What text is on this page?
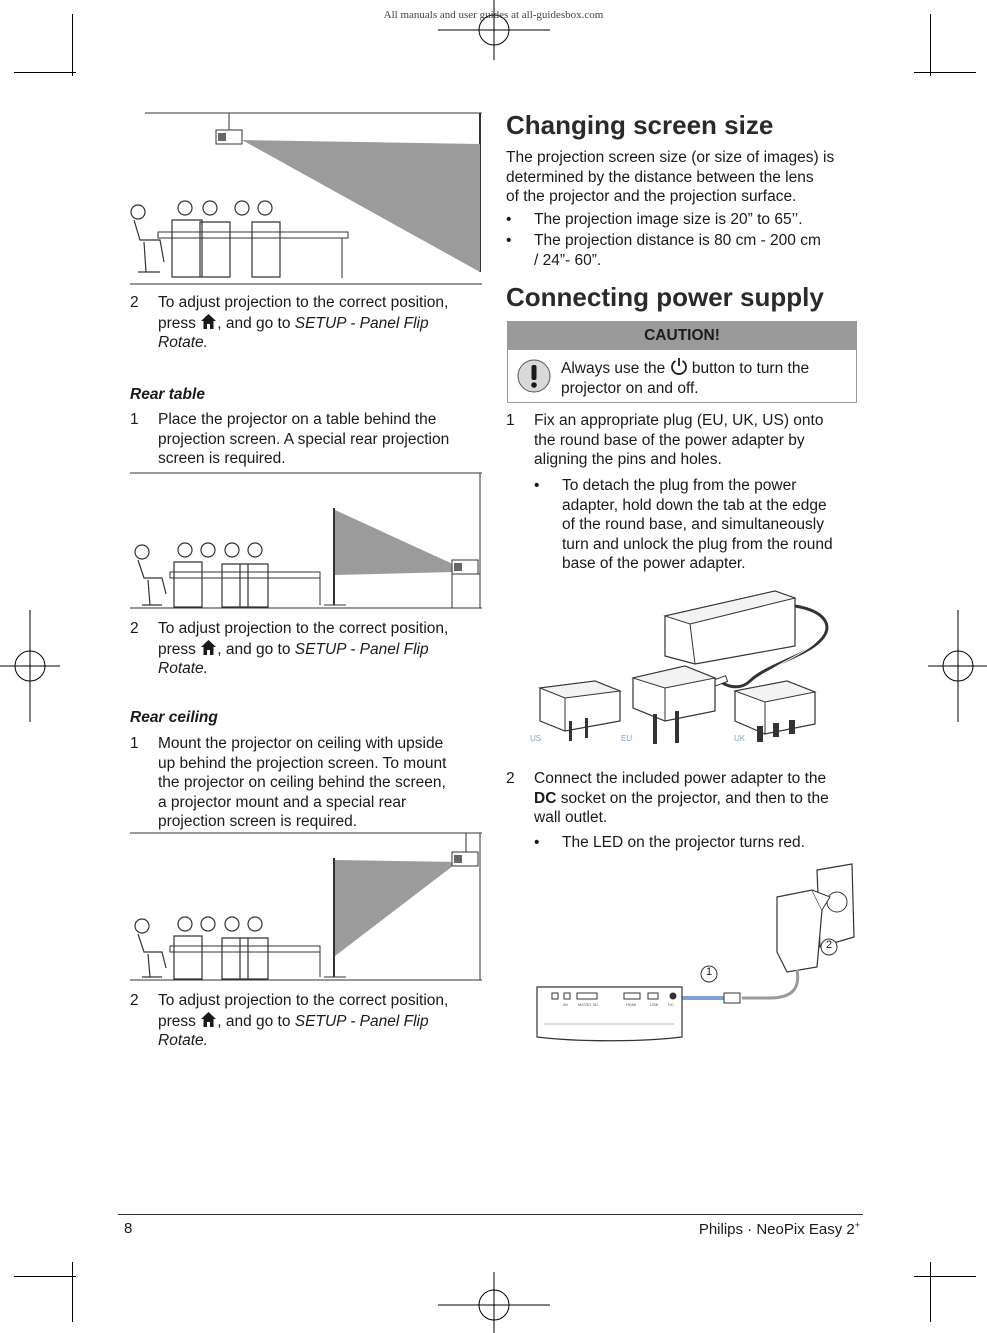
All manuals and user guides at all-guidesbox.com
2 To adjust projection to the correct position,
press , and go to SETUP - Panel Flip
Rotate.
Rear table
1 Place the projector on a table behind the
projection screen. A special rear projection
screen is required.
2 To adjust projection to the correct position,
press , and go to SETUP - Panel Flip
Rotate.
Rear ceiling
1 Mount the projector on ceiling with upside
up behind the projection screen. To mount
the projector on ceiling behind the screen,
a projector mount and a special rear
projection screen is required.
2 To adjust projection to the correct position,
press , and go to SETUP - Panel Flip
Rotate.
Changing screen size
The projection screen size (or size of images) is
determined by the distance between the lens
of the projector and the projection surface.
• The projection image size is 20” to 65’’.
• The projection distance is 80 cm - 200 cm
/ 24”- 60”.
Connecting power supply
CAUTION!
Always use the button to turn the
projector on and off.
1 Fix an appropriate plug (EU, UK, US) onto
the round base of the power adapter by
aligning the pins and holes.
• To detach the plug from the power
adapter, hold down the tab at the edge
of the round base, and simultaneously
turn and unlock the plug from the round
base of the power adapter.
US	EU	UK
2 Connect the included power adapter to the
DC socket on the projector, and then to the
wall outlet.
• The LED on the projector turns red.
1
2
AV MICRO SD	HDMI	USB DC
8	Philips · NeoPix Easy 2+
